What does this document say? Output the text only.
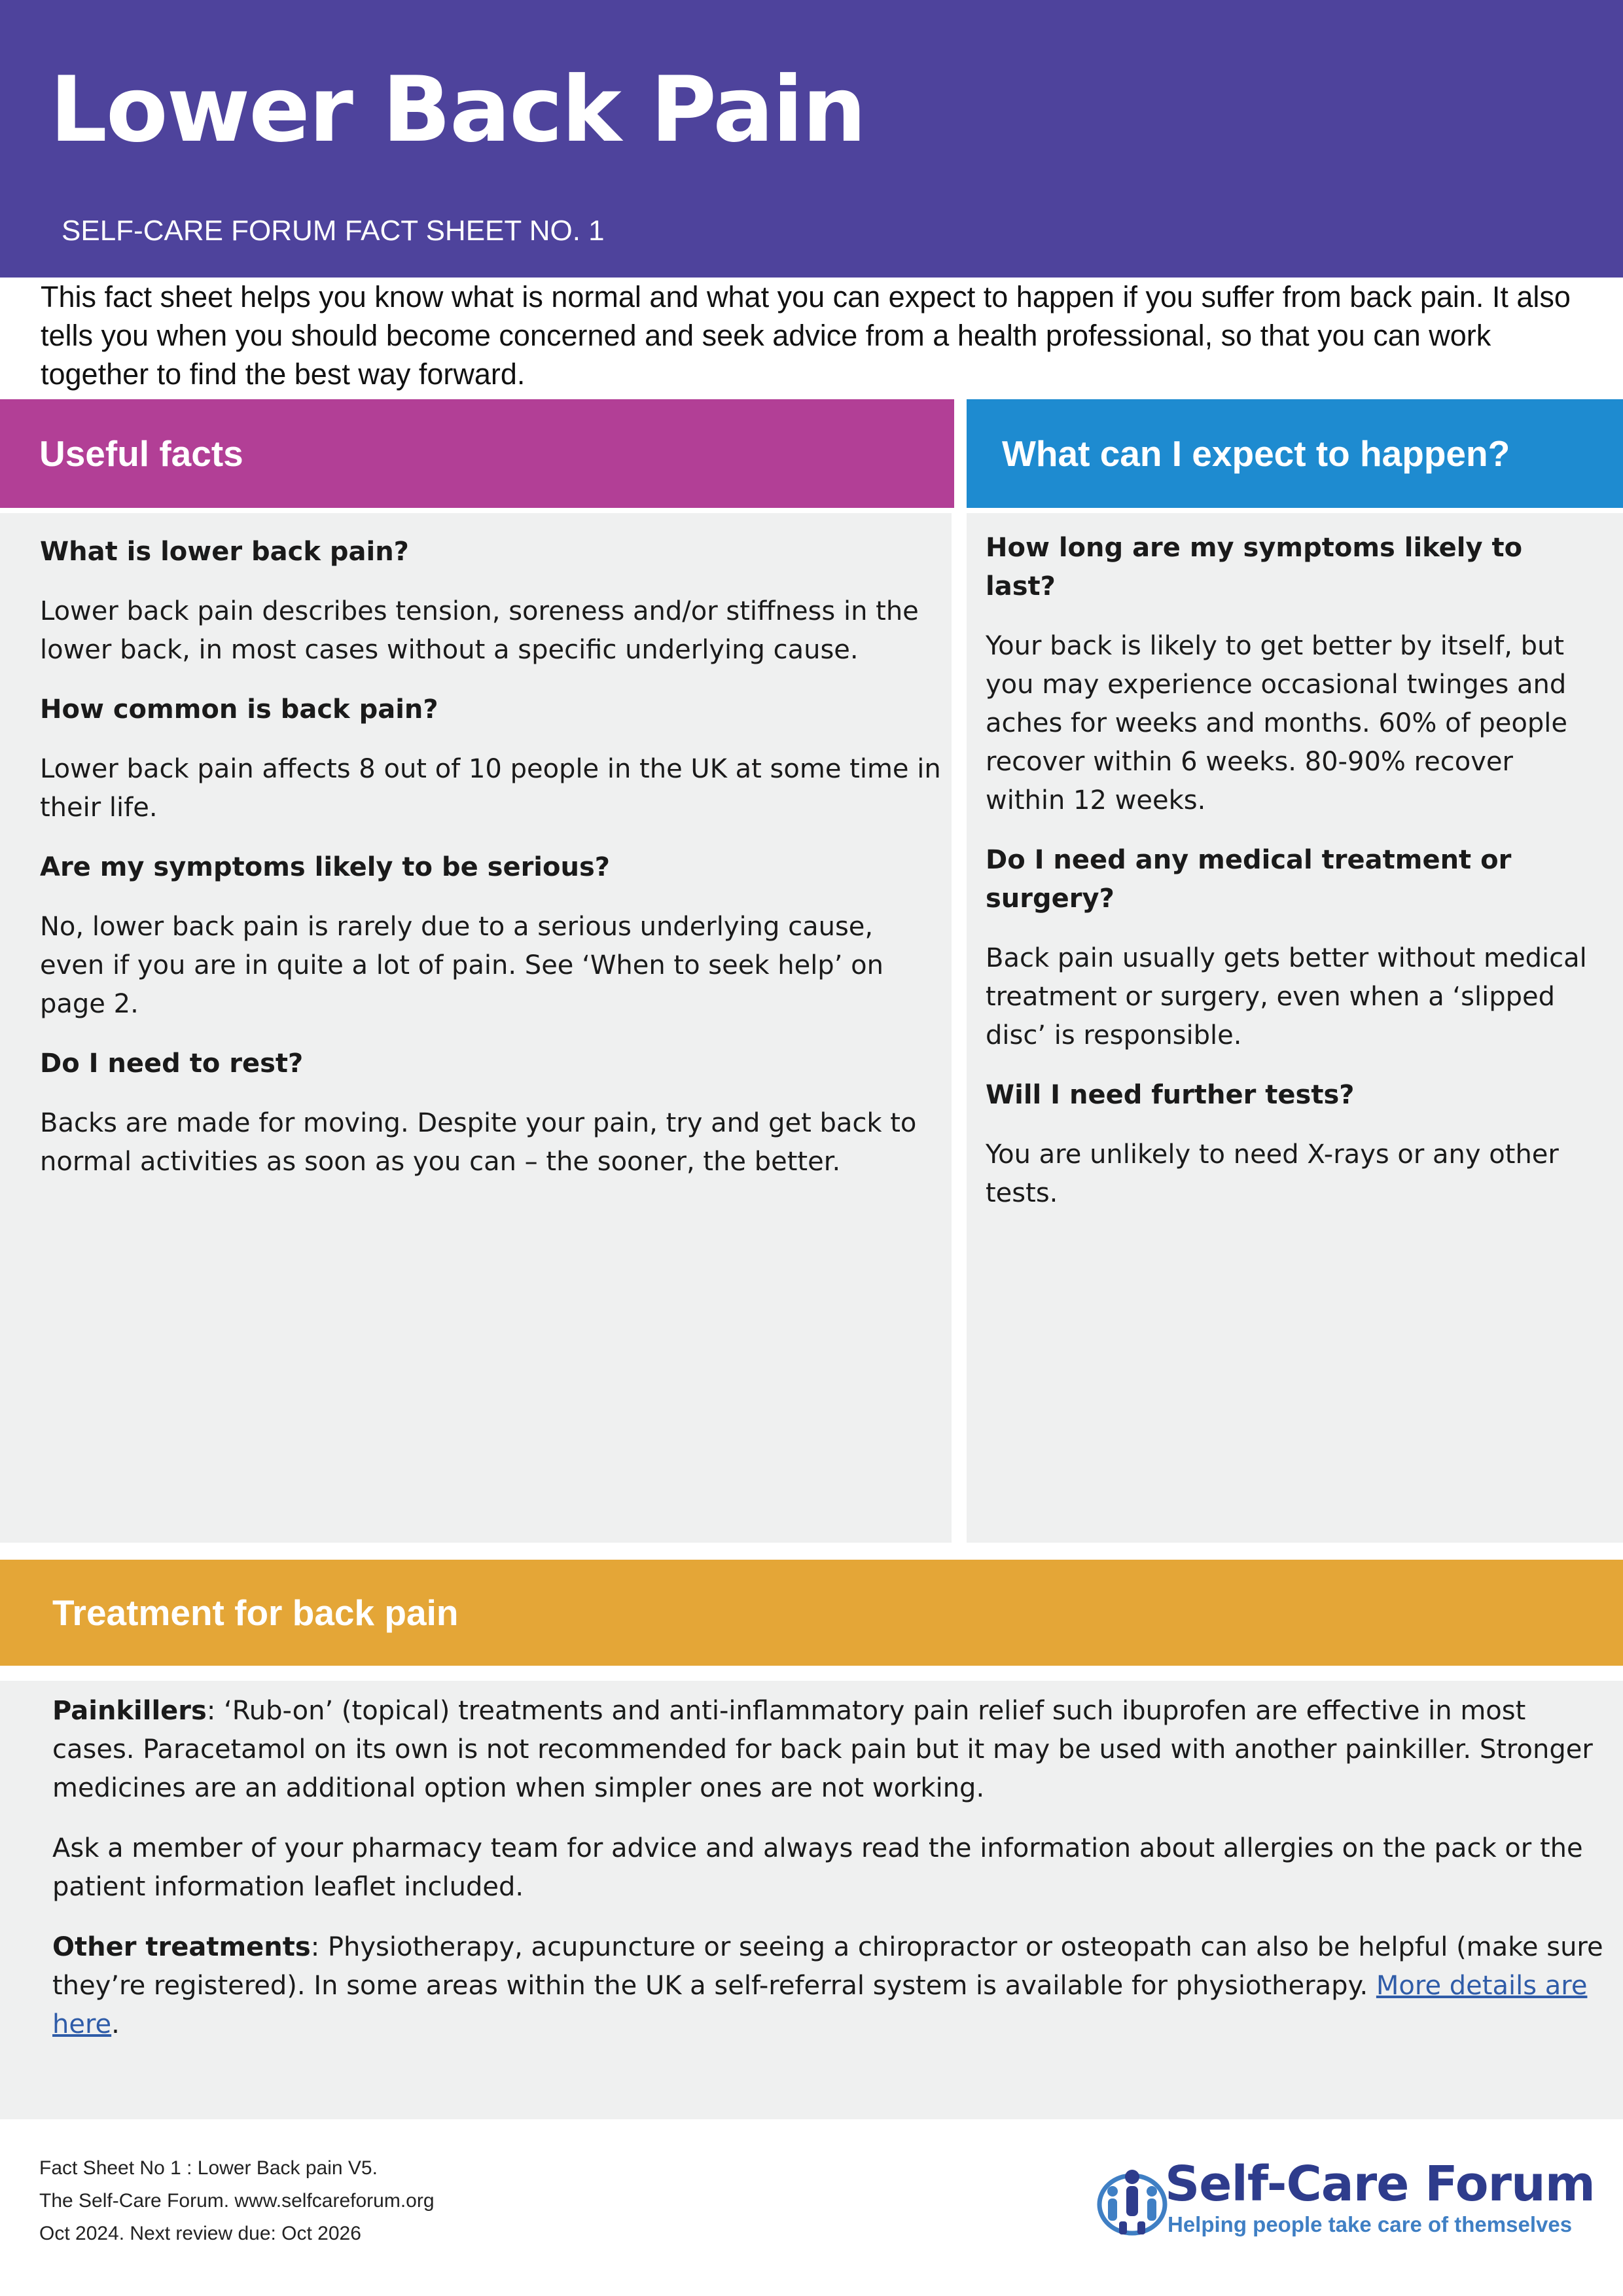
Lower Back Pain
SELF-CARE FORUM FACT SHEET NO. 1

This fact sheet helps you know what is normal and what you can expect to happen if you suffer from back pain. It also tells you when you should become concerned and seek advice from a health professional, so that you can work together to find the best way forward.

Useful facts	What can I expect to happen?
What is lower back pain?

Lower back pain describes tension, soreness and/or stiffness in the lower back, in most cases without a specific underlying cause.

How common is back pain?

Lower back pain affects 8 out of 10 people in the UK at some time in their life.

Are my symptoms likely to be serious?

No, lower back pain is rarely due to a serious underlying cause, even if you are in quite a lot of pain. See ‘When to seek help’ on page 2.

Do I need to rest?

Backs are made for moving. Despite your pain, try and get back to normal activities as soon as you can – the sooner, the better.

How long are my symptoms likely to last?

Your back is likely to get better by itself, but you may experience occasional twinges and aches for weeks and months. 60% of people recover within 6 weeks. 80-90% recover within 12 weeks.

Do I need any medical treatment or surgery?

Back pain usually gets better without medical treatment or surgery, even when a ‘slipped disc’ is responsible.

Will I need further tests?

You are unlikely to need X-rays or any other tests.

Treatment for back pain

Painkillers: ‘Rub-on’ (topical) treatments and anti-inflammatory pain relief such ibuprofen are effective in most cases. Paracetamol on its own is not recommended for back pain but it may be used with another painkiller. Stronger medicines are an additional option when simpler ones are not working.

Ask a member of your pharmacy team for advice and always read the information about allergies on the pack or the patient information leaflet included.

Other treatments: Physiotherapy, acupuncture or seeing a chiropractor or osteopath can also be helpful (make sure they’re registered). In some areas within the UK a self-referral system is available for physiotherapy. More details are here.

Fact Sheet No 1 : Lower Back pain V5.
The Self-Care Forum. www.selfcareforum.org
Oct 2024. Next review due: Oct 2026
Self-Care Forum
Helping people take care of themselves
